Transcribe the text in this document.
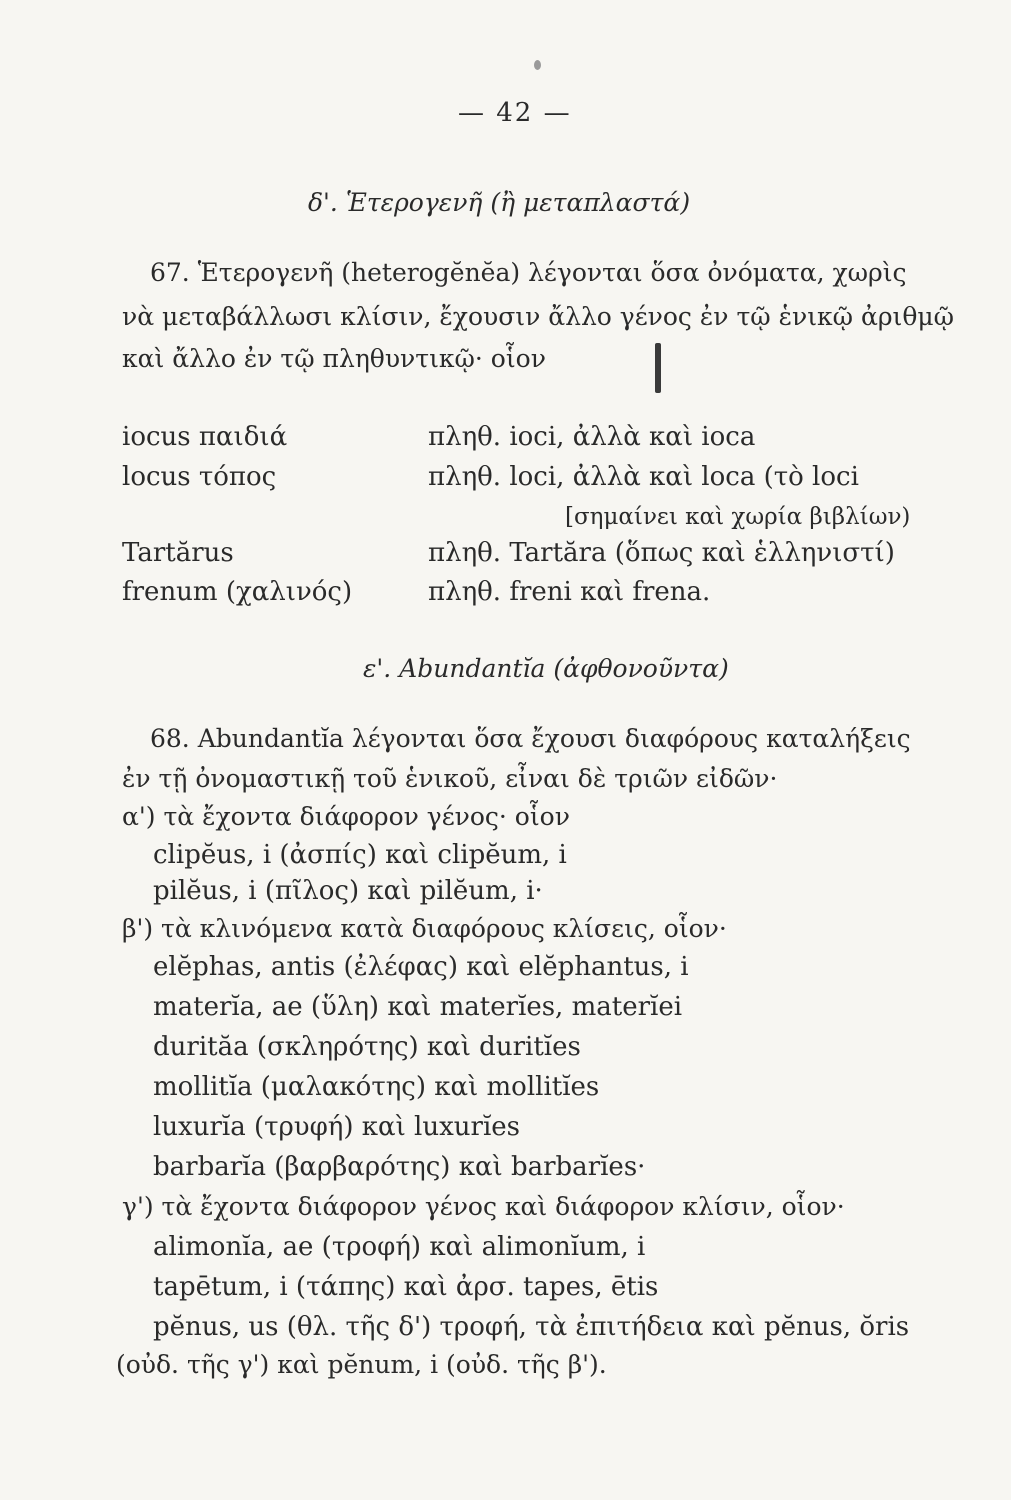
— 42 —
δ'. Ἑτερογενῆ (ἢ μεταπλαστά)
67. Ἑτερογενῆ (heterogĕnĕa) λέγονται ὅσα ὀνόματα, χωρὶς
νὰ μεταβάλλωσι κλίσιν, ἔχουσιν ἄλλο γένος ἐν τῷ ἑνικῷ ἀριθμῷ
καὶ ἄλλο ἐν τῷ πληθυντικῷ· οἷον
iocus παιδιά	πληθ. ioci, ἀλλὰ καὶ ioca
locus τόπος	πληθ. loci, ἀλλὰ καὶ loca (τὸ loci
[σημαίνει καὶ χωρία βιβλίων)
Tartărus	πληθ. Tartăra (ὅπως καὶ ἑλληνιστί)
frenum (χαλινός)	πληθ. freni καὶ frena.
ε'. Abundantĭa (ἀφθονοῦντα)
68. Abundantĭa λέγονται ὅσα ἔχουσι διαφόρους καταλήξεις
ἐν τῇ ὀνομαστικῇ τοῦ ἑνικοῦ, εἶναι δὲ τριῶν εἰδῶν·
α') τὰ ἔχοντα διάφορον γένος· οἷον
clipĕus, i (ἀσπίς) καὶ clipĕum, i
pilĕus, i (πῖλος) καὶ pilĕum, i·
β') τὰ κλινόμενα κατὰ διαφόρους κλίσεις, οἷον·
elĕphas, antis (ἐλέφας) καὶ elĕphantus, i
materĭa, ae (ὕλη) καὶ materĭes, materĭei
durităa (σκληρότης) καὶ duritĭes
mollitĭa (μαλακότης) καὶ mollitĭes
luxurĭa (τρυφή) καὶ luxurĭes
barbarĭa (βαρβαρότης) καὶ barbarĭes·
γ') τὰ ἔχοντα διάφορον γένος καὶ διάφορον κλίσιν, οἷον·
alimonĭa, ae (τροφή) καὶ alimonĭum, i
tapētum, i (τάπης) καὶ ἀρσ. tapes, ētis
pĕnus, us (θλ. τῆς δ') τροφή, τὰ ἐπιτήδεια καὶ pĕnus, ŏris
(οὐδ. τῆς γ') καὶ pĕnum, i (οὐδ. τῆς β').
